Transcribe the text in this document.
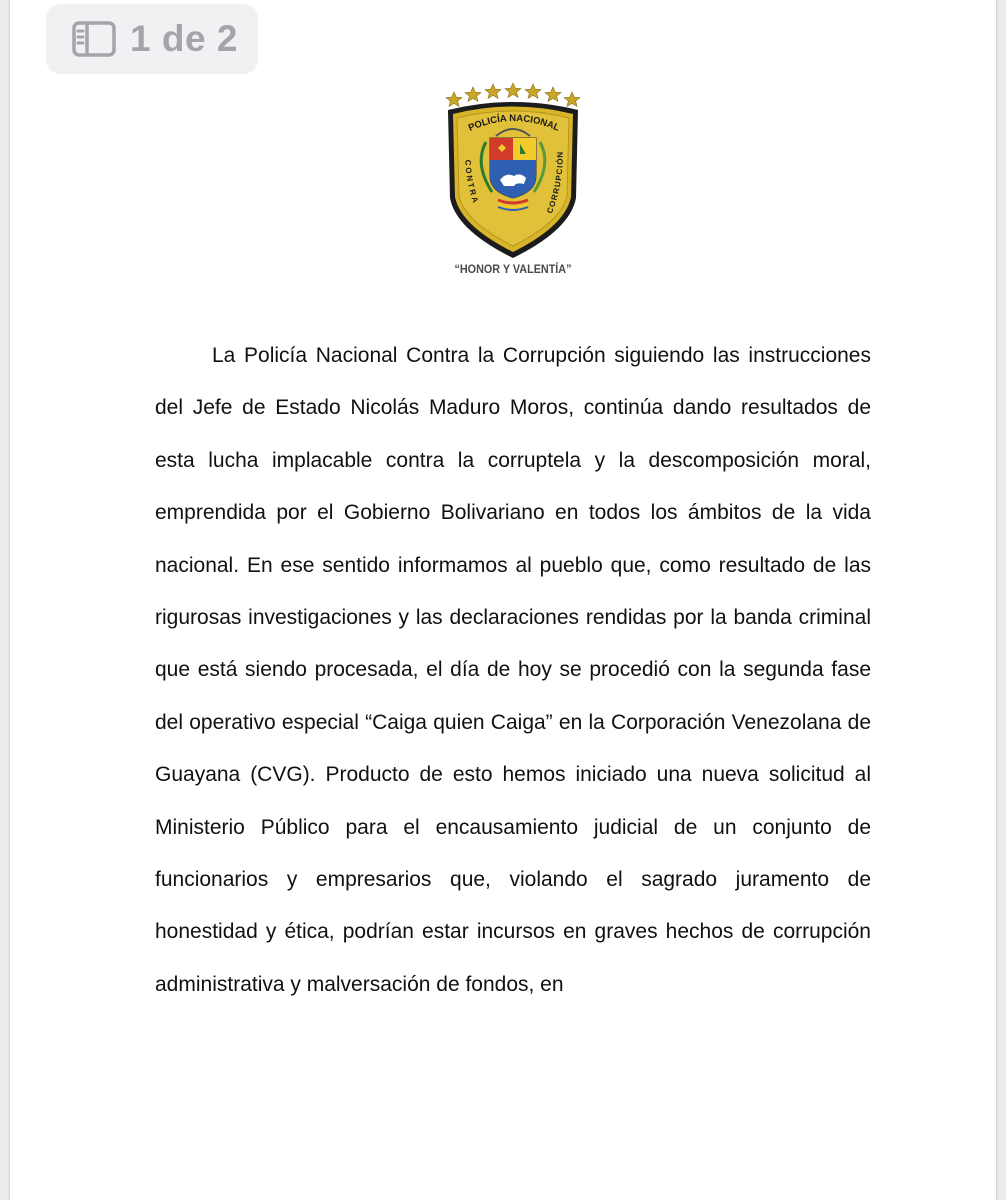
POLICÍA NACIONAL
CONTRA
CORRUPCIÓN
“HONOR Y VALENTÍA”

La Policía Nacional Contra la Corrupción siguiendo las instrucciones del Jefe de Estado Nicolás Maduro Moros, continúa dando resultados de esta lucha implacable contra la corruptela y la descomposición moral, emprendida por el Gobierno Bolivariano en todos los ámbitos de la vida nacional. En ese sentido informamos al pueblo que, como resultado de las rigurosas investigaciones y las declaraciones rendidas por la banda criminal que está siendo procesada, el día de hoy se procedió con la segunda fase del operativo especial “Caiga quien Caiga” en la Corporación Venezolana de Guayana (CVG). Producto de esto hemos iniciado una nueva solicitud al Ministerio Público para el encausamiento judicial de un conjunto de funcionarios y empresarios que, violando el sagrado juramento de honestidad y ética, podrían estar incursos en graves hechos de corrupción administrativa y malversación de fondos, en

1 de 2
